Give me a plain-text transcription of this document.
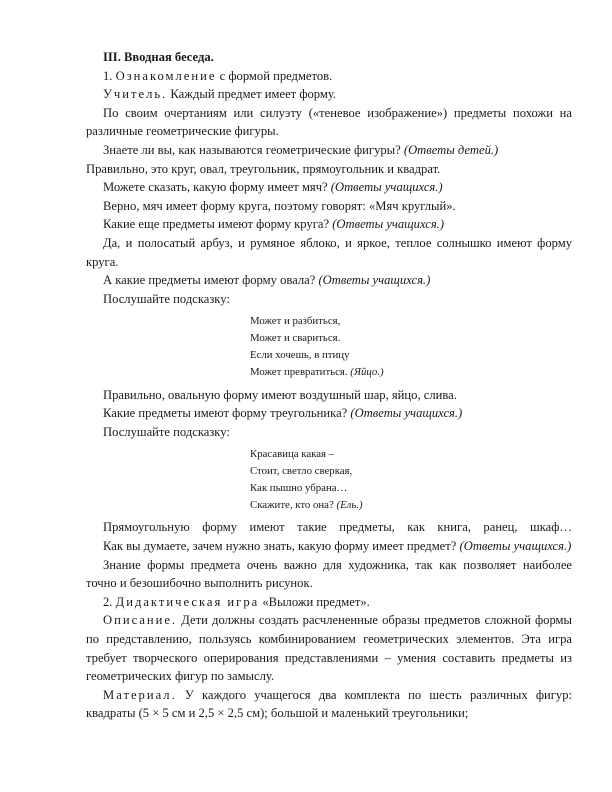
III. Вводная беседа.

1. Ознакомление с формой предметов.

Учитель. Каждый предмет имеет форму.

По своим очертаниям или силуэту («теневое изображение») предметы похожи на различные геометрические фигуры.

Знаете ли вы, как называются геометрические фигуры? (Ответы детей.)

Правильно, это круг, овал, треугольник, прямоугольник и квадрат.

Можете сказать, какую форму имеет мяч? (Ответы учащихся.)

Верно, мяч имеет форму круга, поэтому говорят: «Мяч круглый».

Какие еще предметы имеют форму круга? (Ответы учащихся.)

Да, и полосатый арбуз, и румяное яблоко, и яркое, теплое солнышко имеют форму круга.

А какие предметы имеют форму овала? (Ответы учащихся.)

Послушайте подсказку:

Может и разбиться,
Может и свариться.
Если хочешь, в птицу
Может превратиться. (Яйцо.)

Правильно, овальную форму имеют воздушный шар, яйцо, слива.

Какие предметы имеют форму треугольника? (Ответы учащихся.)

Послушайте подсказку:

Красавица какая –
Стоит, светло сверкая,
Как пышно убрана…
Скажите, кто она? (Ель.)

Прямоугольную форму имеют такие предметы, как книга, ранец, шкаф…

Как вы думаете, зачем нужно знать, какую форму имеет предмет? (Ответы учащихся.)

Знание формы предмета очень важно для художника, так как позволяет наиболее точно и безошибочно выполнить рисунок.

2. Дидактическая игра «Выложи предмет».

Описание. Дети должны создать расчлененные образы предметов сложной формы по представлению, пользуясь комбинированием геометрических элементов. Эта игра требует творческого оперирования представлениями – умения составить предметы из геометрических фигур по замыслу.

Материал. У каждого учащегося два комплекта по шесть различных фигур: квадраты (5 × 5 см и 2,5 × 2,5 см); большой и маленький треугольники;
